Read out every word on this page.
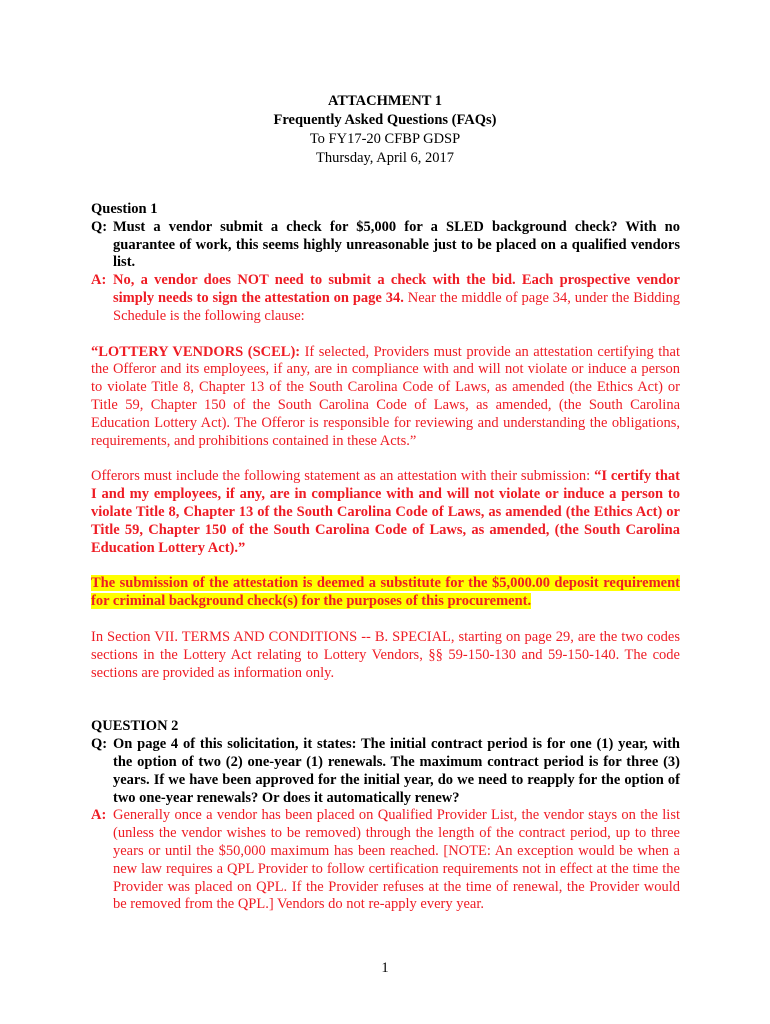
ATTACHMENT 1
Frequently Asked Questions (FAQs)
To FY17-20 CFBP GDSP
Thursday, April 6, 2017
Question 1
Q: Must a vendor submit a check for $5,000 for a SLED background check? With no guarantee of work, this seems highly unreasonable just to be placed on a qualified vendors list.
A: No, a vendor does NOT need to submit a check with the bid. Each prospective vendor simply needs to sign the attestation on page 34. Near the middle of page 34, under the Bidding Schedule is the following clause:
“LOTTERY VENDORS (SCEL): If selected, Providers must provide an attestation certifying that the Offeror and its employees, if any, are in compliance with and will not violate or induce a person to violate Title 8, Chapter 13 of the South Carolina Code of Laws, as amended (the Ethics Act) or Title 59, Chapter 150 of the South Carolina Code of Laws, as amended, (the South Carolina Education Lottery Act). The Offeror is responsible for reviewing and understanding the obligations, requirements, and prohibitions contained in these Acts.”
Offerors must include the following statement as an attestation with their submission: “I certify that I and my employees, if any, are in compliance with and will not violate or induce a person to violate Title 8, Chapter 13 of the South Carolina Code of Laws, as amended (the Ethics Act) or Title 59, Chapter 150 of the South Carolina Code of Laws, as amended, (the South Carolina Education Lottery Act).”
The submission of the attestation is deemed a substitute for the $5,000.00 deposit requirement for criminal background check(s) for the purposes of this procurement.
In Section VII. TERMS AND CONDITIONS -- B. SPECIAL, starting on page 29, are the two codes sections in the Lottery Act relating to Lottery Vendors, §§ 59-150-130 and 59-150-140. The code sections are provided as information only.
QUESTION 2
Q: On page 4 of this solicitation, it states: The initial contract period is for one (1) year, with the option of two (2) one-year (1) renewals. The maximum contract period is for three (3) years. If we have been approved for the initial year, do we need to reapply for the option of two one-year renewals? Or does it automatically renew?
A: Generally once a vendor has been placed on Qualified Provider List, the vendor stays on the list (unless the vendor wishes to be removed) through the length of the contract period, up to three years or until the $50,000 maximum has been reached. [NOTE: An exception would be when a new law requires a QPL Provider to follow certification requirements not in effect at the time the Provider was placed on QPL. If the Provider refuses at the time of renewal, the Provider would be removed from the QPL.] Vendors do not re-apply every year.
1
